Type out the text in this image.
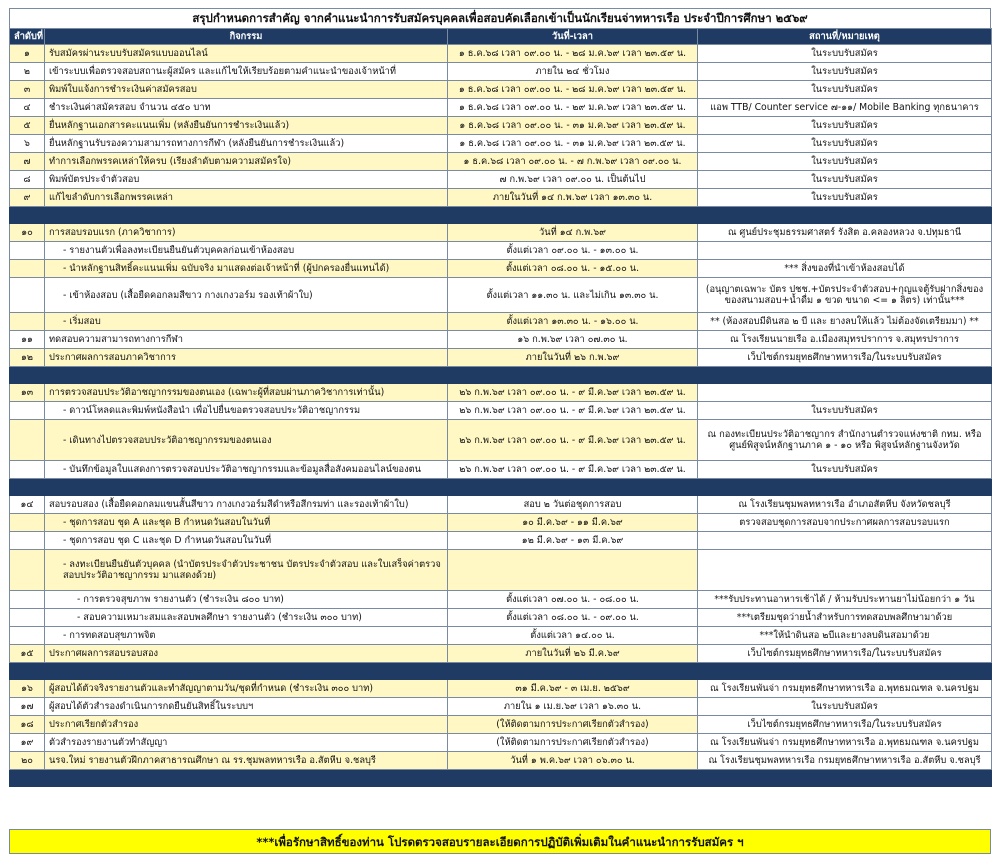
สรุปกำหนดการสำคัญ จากคำแนะนำการรับสมัครบุคคลเพื่อสอบคัดเลือกเข้าเป็นนักเรียนจ่าทหารเรือ ประจำปีการศึกษา ๒๕๖๙
ลำดับที่	กิจกรรม	วันที่-เวลา	สถานที่/หมายเหตุ
๑	รับสมัครผ่านระบบรับสมัครแบบออนไลน์	๑ ธ.ค.๖๘ เวลา ๐๙.๐๐ น. - ๒๘ ม.ค.๖๙ เวลา ๒๓.๕๙ น.	ในระบบรับสมัคร
๒	เข้าระบบเพื่อตรวจสอบสถานะผู้สมัคร และแก้ไขให้เรียบร้อยตามคำแนะนำของเจ้าหน้าที่	ภายใน ๒๔ ชั่วโมง	ในระบบรับสมัคร
๓	พิมพ์ใบแจ้งการชำระเงินค่าสมัครสอบ	๑ ธ.ค.๖๘ เวลา ๐๙.๐๐ น. - ๒๘ ม.ค.๖๙ เวลา ๒๓.๕๙ น.	ในระบบรับสมัคร
๔	ชำระเงินค่าสมัครสอบ จำนวน ๔๕๐ บาท	๑ ธ.ค.๖๘ เวลา ๐๙.๐๐ น. - ๒๙ ม.ค.๖๙ เวลา ๒๓.๕๙ น.	แอพ TTB/ Counter service ๗-๑๑/ Mobile Banking ทุกธนาคาร
๕	ยื่นหลักฐานเอกสารคะแนนเพิ่ม (หลังยืนยันการชำระเงินแล้ว)	๑ ธ.ค.๖๘ เวลา ๐๙.๐๐ น. - ๓๑ ม.ค.๖๙ เวลา ๒๓.๕๙ น.	ในระบบรับสมัคร
๖	ยื่นหลักฐานรับรองความสามารถทางการกีฬา (หลังยืนยันการชำระเงินแล้ว)	๑ ธ.ค.๖๘ เวลา ๐๙.๐๐ น. - ๓๑ ม.ค.๖๙ เวลา ๒๓.๕๙ น.	ในระบบรับสมัคร
๗	ทำการเลือกพรรคเหล่าให้ครบ (เรียงลำดับตามความสมัครใจ)	๑ ธ.ค.๖๘ เวลา ๐๙.๐๐ น. - ๗ ก.พ.๖๙ เวลา ๐๙.๐๐ น.	ในระบบรับสมัคร
๘	พิมพ์บัตรประจำตัวสอบ	๗ ก.พ.๖๙ เวลา ๐๙.๐๐ น. เป็นต้นไป	ในระบบรับสมัคร
๙	แก้ไขลำดับการเลือกพรรคเหล่า	ภายในวันที่ ๑๔ ก.พ.๖๙ เวลา ๑๓.๓๐ น.	ในระบบรับสมัคร

๑๐	การสอบรอบแรก (ภาควิชาการ)	วันที่ ๑๔ ก.พ.๖๙	ณ ศูนย์ประชุมธรรมศาสตร์ รังสิต อ.คลองหลวง จ.ปทุมธานี
	- รายงานตัวเพื่อลงทะเบียนยืนยันตัวบุคคลก่อนเข้าห้องสอบ	ตั้งแต่เวลา ๐๙.๐๐ น. - ๑๓.๐๐ น.	
	- นำหลักฐานสิทธิ์คะแนนเพิ่ม ฉบับจริง มาแสดงต่อเจ้าหน้าที่ (ผู้ปกครองยื่นแทนได้)	ตั้งแต่เวลา ๐๘.๐๐ น. - ๑๕.๐๐ น.	*** สิ่งของที่นำเข้าห้องสอบได้
	- เข้าห้องสอบ (เสื้อยืดคอกลมสีขาว กางเกงวอร์ม รองเท้าผ้าใบ)	ตั้งแต่เวลา ๑๑.๓๐ น. และไม่เกิน ๑๓.๓๐ น.	(อนุญาตเฉพาะ บัตร ปชช.+บัตรประจำตัวสอบ+กุญแจตู้รับฝากสิ่งของของสนามสอบ+น้ำดื่ม ๑ ขวด ขนาด <= ๑ ลิตร) เท่านั้น***
	- เริ่มสอบ	ตั้งแต่เวลา ๑๓.๓๐ น. - ๑๖.๐๐ น.	** (ห้องสอบมีดินสอ ๒ บี และ ยางลบให้แล้ว ไม่ต้องจัดเตรียมมา) **
๑๑	ทดสอบความสามารถทางการกีฬา	๑๖ ก.พ.๖๙ เวลา ๐๗.๓๐ น.	ณ โรงเรียนนายเรือ อ.เมืองสมุทรปราการ จ.สมุทรปราการ
๑๒	ประกาศผลการสอบภาควิชาการ	ภายในวันที่ ๒๖ ก.พ.๖๙	เว็บไซต์กรมยุทธศึกษาทหารเรือ/ในระบบรับสมัคร

๑๓	การตรวจสอบประวัติอาชญากรรมของตนเอง (เฉพาะผู้ที่สอบผ่านภาควิชาการเท่านั้น)	๒๖ ก.พ.๖๙ เวลา ๐๙.๐๐ น. - ๙ มี.ค.๖๙ เวลา ๒๓.๕๙ น.	
	- ดาวน์โหลดและพิมพ์หนังสือนำ เพื่อไปยื่นขอตรวจสอบประวัติอาชญากรรม	๒๖ ก.พ.๖๙ เวลา ๐๙.๐๐ น. - ๙ มี.ค.๖๙ เวลา ๒๓.๕๙ น.	ในระบบรับสมัคร
	- เดินทางไปตรวจสอบประวัติอาชญากรรมของตนเอง	๒๖ ก.พ.๖๙ เวลา ๐๙.๐๐ น. - ๙ มี.ค.๖๙ เวลา ๒๓.๕๙ น.	ณ กองทะเบียนประวัติอาชญากร สำนักงานตำรวจแห่งชาติ กทม. หรือ ศูนย์พิสูจน์หลักฐานภาค ๑ - ๑๐ หรือ พิสูจน์หลักฐานจังหวัด
	- บันทึกข้อมูลใบแสดงการตรวจสอบประวัติอาชญากรรมและข้อมูลสื่อสังคมออนไลน์ของตน	๒๖ ก.พ.๖๙ เวลา ๐๙.๐๐ น. - ๙ มี.ค.๖๙ เวลา ๒๓.๕๙ น.	ในระบบรับสมัคร

๑๔	สอบรอบสอง (เสื้อยืดคอกลมแขนสั้นสีขาว กางเกงวอร์มสีดำหรือสีกรมท่า และรองเท้าผ้าใบ)	สอบ ๒ วันต่อชุดการสอบ	ณ โรงเรียนชุมพลทหารเรือ อำเภอสัตหีบ จังหวัดชลบุรี
	- ชุดการสอบ ชุด A และชุด B กำหนดวันสอบในวันที่	๑๐ มี.ค.๖๙ - ๑๑ มี.ค.๖๙	ตรวจสอบชุดการสอบจากประกาศผลการสอบรอบแรก
	- ชุดการสอบ ชุด C และชุด D กำหนดวันสอบในวันที่	๑๒ มี.ค.๖๙ - ๑๓ มี.ค.๖๙	
	- ลงทะเบียนยืนยันตัวบุคคล (นำบัตรประจำตัวประชาชน บัตรประจำตัวสอบ และใบเสร็จค่าตรวจสอบประวัติอาชญากรรม มาแสดงด้วย)		
	- การตรวจสุขภาพ รายงานตัว (ชำระเงิน ๘๐๐ บาท)	ตั้งแต่เวลา ๐๗.๐๐ น. - ๐๘.๐๐ น.	***รับประทานอาหารเช้าได้ / ห้ามรับประทานยาไม่น้อยกว่า ๑ วัน
	- สอบความเหมาะสมและสอบพลศึกษา รายงานตัว (ชำระเงิน ๓๐๐ บาท)	ตั้งแต่เวลา ๐๘.๐๐ น. - ๐๙.๐๐ น.	***เตรียมชุดว่ายน้ำสำหรับการทดสอบพลศึกษามาด้วย
	- การทดสอบสุขภาพจิต	ตั้งแต่เวลา ๑๔.๐๐ น.	***ให้นำดินสอ ๒บีและยางลบดินสอมาด้วย
๑๕	ประกาศผลการสอบรอบสอง	ภายในวันที่ ๒๖ มี.ค.๖๙	เว็บไซต์กรมยุทธศึกษาทหารเรือ/ในระบบรับสมัคร

๑๖	ผู้สอบได้ตัวจริงรายงานตัวและทำสัญญาตามวัน/ชุดที่กำหนด (ชำระเงิน ๓๐๐ บาท)	๓๑ มี.ค.๖๙ - ๓ เม.ย. ๒๕๖๙	ณ โรงเรียนพันจ่า กรมยุทธศึกษาทหารเรือ อ.พุทธมณฑล จ.นครปฐม
๑๗	ผู้สอบได้ตัวสำรองดำเนินการกดยืนยันสิทธิ์ในระบบฯ	ภายใน ๑ เม.ย.๖๙ เวลา ๑๖.๓๐ น.	ในระบบรับสมัคร
๑๘	ประกาศเรียกตัวสำรอง	(ให้ติดตามการประกาศเรียกตัวสำรอง)	เว็บไซต์กรมยุทธศึกษาทหารเรือ/ในระบบรับสมัคร
๑๙	ตัวสำรองรายงานตัวทำสัญญา	(ให้ติดตามการประกาศเรียกตัวสำรอง)	ณ โรงเรียนพันจ่า กรมยุทธศึกษาทหารเรือ อ.พุทธมณฑล จ.นครปฐม
๒๐	นรจ.ใหม่ รายงานตัวฝึกภาคสาธารณศึกษา ณ รร.ชุมพลทหารเรือ อ.สัตหีบ จ.ชลบุรี	วันที่ ๑ พ.ค.๖๙ เวลา ๐๖.๓๐ น.	ณ โรงเรียนชุมพลทหารเรือ กรมยุทธศึกษาทหารเรือ อ.สัตหีบ จ.ชลบุรี

***เพื่อรักษาสิทธิ์ของท่าน โปรดตรวจสอบรายละเอียดการปฏิบัติเพิ่มเติมในคำแนะนำการรับสมัคร ฯ
